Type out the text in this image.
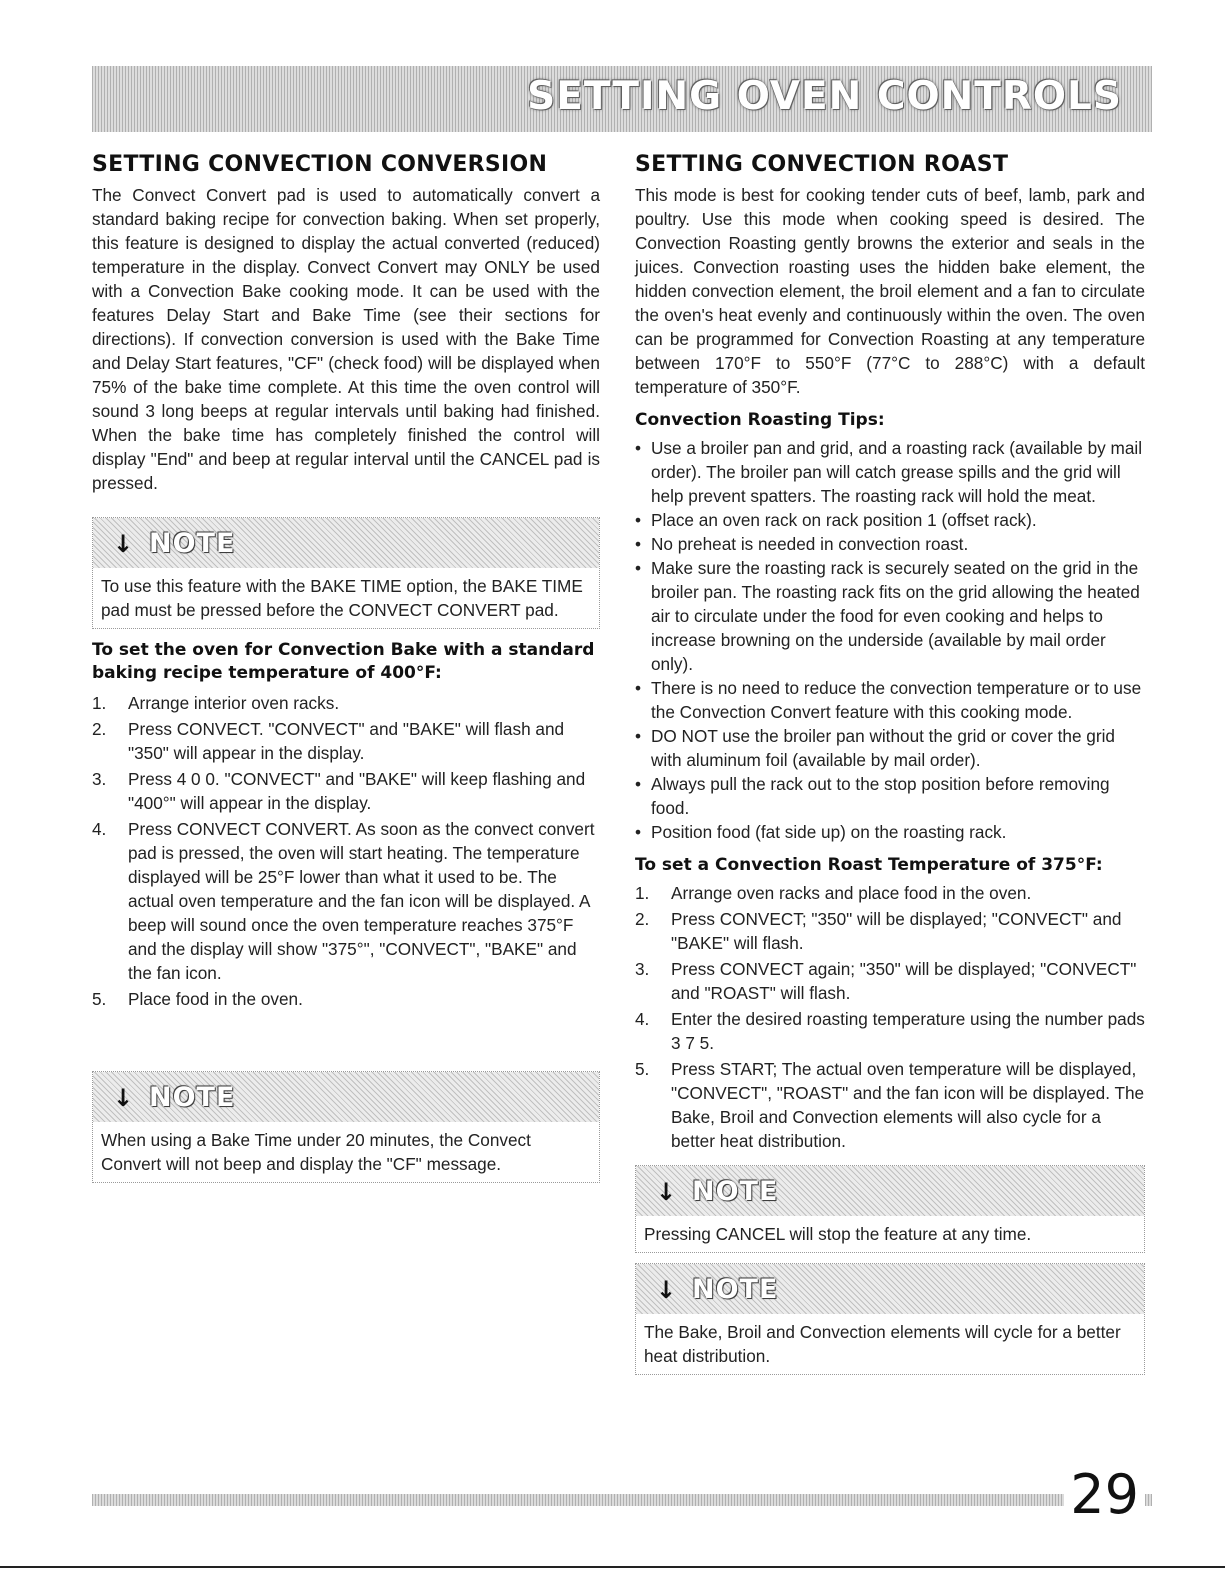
SETTING OVEN CONTROLS
SETTING CONVECTION CONVERSION

The Convect Convert pad is used to automatically convert a standard baking recipe for convection baking. When set properly, this feature is designed to display the actual converted (reduced) temperature in the display. Convect Convert may ONLY be used with a Convection Bake cooking mode. It can be used with the features Delay Start and Bake Time (see their sections for directions). If convection conversion is used with the Bake Time and Delay Start features, "CF" (check food) will be displayed when 75% of the bake time complete. At this time the oven control will sound 3 long beeps at regular intervals until baking had finished. When the bake time has completely finished the control will display "End" and beep at regular interval until the CANCEL pad is pressed.

↓ NOTE

To use this feature with the BAKE TIME option, the BAKE TIME pad must be pressed before the CONVECT CONVERT pad.

To set the oven for Convection Bake with a standard baking recipe temperature of 400°F:

1. Arrange interior oven racks.
2. Press CONVECT. "CONVECT" and "BAKE" will flash and "350" will appear in the display.
3. Press 4 0 0. "CONVECT" and "BAKE" will keep flashing and "400°" will appear in the display.
4. Press CONVECT CONVERT. As soon as the convect convert pad is pressed, the oven will start heating. The temperature displayed will be 25°F lower than what it used to be. The actual oven temperature and the fan icon will be displayed. A beep will sound once the oven temperature reaches 375°F and the display will show "375°", "CONVECT", "BAKE" and the fan icon.
5. Place food in the oven.
↓ NOTE

When using a Bake Time under 20 minutes, the Convect Convert will not beep and display the "CF" message.

SETTING CONVECTION ROAST

This mode is best for cooking tender cuts of beef, lamb, park and poultry. Use this mode when cooking speed is desired. The Convection Roasting gently browns the exterior and seals in the juices. Convection roasting uses the hidden bake element, the hidden convection element, the broil element and a fan to circulate the oven's heat evenly and continuously within the oven. The oven can be programmed for Convection Roasting at any temperature between 170°F to 550°F (77°C to 288°C) with a default temperature of 350°F.

Convection Roasting Tips:

• Use a broiler pan and grid, and a roasting rack (available by mail order). The broiler pan will catch grease spills and the grid will help prevent spatters. The roasting rack will hold the meat.
• Place an oven rack on rack position 1 (offset rack).
• No preheat is needed in convection roast.
• Make sure the roasting rack is securely seated on the grid in the broiler pan. The roasting rack fits on the grid allowing the heated air to circulate under the food for even cooking and helps to increase browning on the underside (available by mail order only).
• There is no need to reduce the convection temperature or to use the Convection Convert feature with this cooking mode.
• DO NOT use the broiler pan without the grid or cover the grid with aluminum foil (available by mail order).
• Always pull the rack out to the stop position before removing food.
• Position food (fat side up) on the roasting rack.

To set a Convection Roast Temperature of 375°F:

1. Arrange oven racks and place food in the oven.
2. Press CONVECT; "350" will be displayed; "CONVECT" and "BAKE" will flash.
3. Press CONVECT again; "350" will be displayed; "CONVECT" and "ROAST" will flash.
4. Enter the desired roasting temperature using the number pads 3 7 5.
5. Press START; The actual oven temperature will be displayed, "CONVECT", "ROAST" and the fan icon will be displayed. The Bake, Broil and Convection elements will also cycle for a better heat distribution.
↓ NOTE

Pressing CANCEL will stop the feature at any time.

↓ NOTE

The Bake, Broil and Convection elements will cycle for a better heat distribution.

29
